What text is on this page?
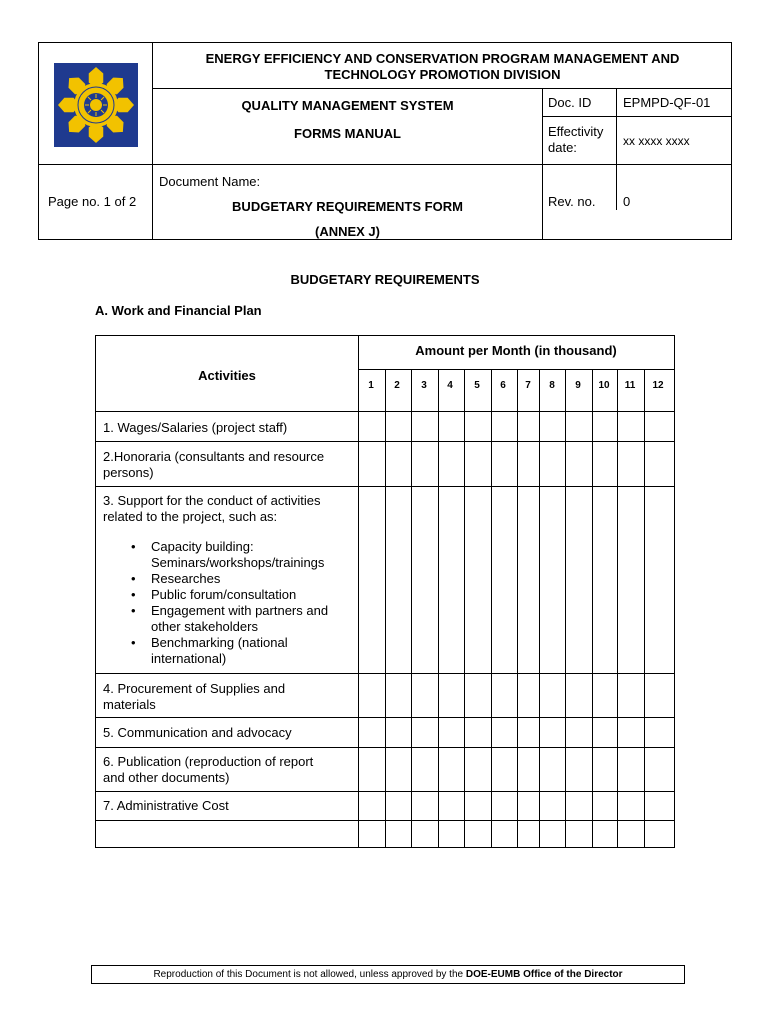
ENERGY EFFICIENCY AND CONSERVATION PROGRAM MANAGEMENT AND
TECHNOLOGY PROMOTION DIVISION
QUALITY MANAGEMENT SYSTEM
FORMS MANUAL
Doc. ID EPMPD-QF-01
Effectivity
date:	xx xxxx xxxx
Page no. 1 of 2
Document Name:
BUDGETARY REQUIREMENTS FORM
(ANNEX J)
Rev. no. 0
BUDGETARY REQUIREMENTS
A. Work and Financial Plan
Amount per Month (in thousand)
Activities
1	2	3	4	5	6	7	8	9	10	11	12
1. Wages/Salaries (project staff)
2.Honoraria (consultants and resource
persons)
3. Support for the conduct of activities
related to the project, such as:
• Capacity building:
Seminars/workshops/trainings
• Researches
• Public forum/consultation
• Engagement with partners and
other stakeholders
• Benchmarking (national
international)
4. Procurement of Supplies and
materials
5. Communication and advocacy
6. Publication (reproduction of report
and other documents)
7. Administrative Cost
Reproduction of this Document is not allowed, unless approved by the DOE-EUMB Office of the Director
